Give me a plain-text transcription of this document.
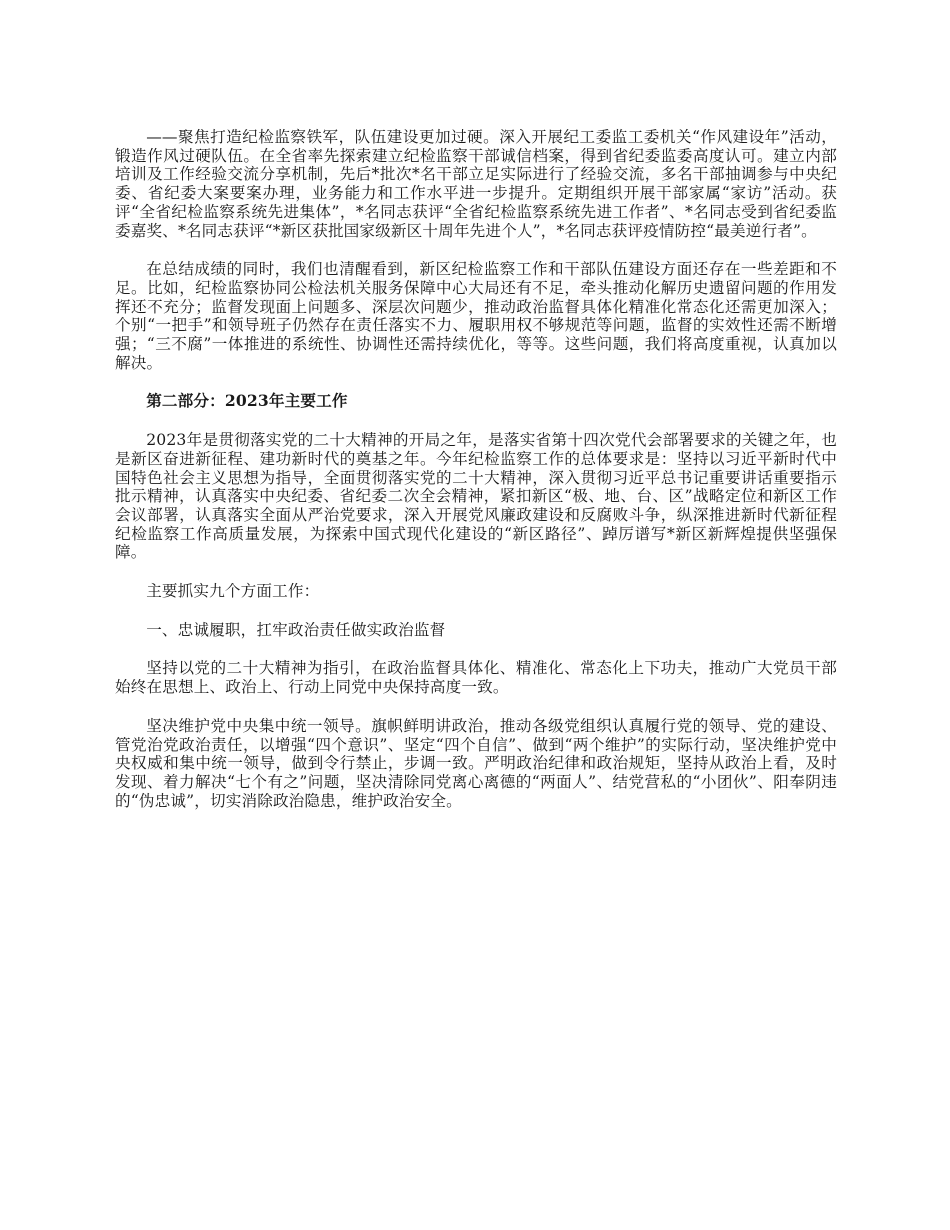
——聚焦打造纪检监察铁军，队伍建设更加过硬。深入开展纪工委监工委机关“作风建设年”活动，锻造作风过硬队伍。在全省率先探索建立纪检监察干部诚信档案，得到省纪委监委高度认可。建立内部培训及工作经验交流分享机制，先后*批次*名干部立足实际进行了经验交流，多名干部抽调参与中央纪委、省纪委大案要案办理，业务能力和工作水平进一步提升。定期组织开展干部家属“家访”活动。获评“全省纪检监察系统先进集体”，*名同志获评“全省纪检监察系统先进工作者”、*名同志受到省纪委监委嘉奖、*名同志获评“*新区获批国家级新区十周年先进个人”，*名同志获评疫情防控“最美逆行者”。

在总结成绩的同时，我们也清醒看到，新区纪检监察工作和干部队伍建设方面还存在一些差距和不足。比如，纪检监察协同公检法机关服务保障中心大局还有不足，牵头推动化解历史遗留问题的作用发挥还不充分；监督发现面上问题多、深层次问题少，推动政治监督具体化精准化常态化还需更加深入；个别“一把手”和领导班子仍然存在责任落实不力、履职用权不够规范等问题，监督的实效性还需不断增强；“三不腐”一体推进的系统性、协调性还需持续优化，等等。这些问题，我们将高度重视，认真加以解决。

第二部分：2023年主要工作

2023年是贯彻落实党的二十大精神的开局之年，是落实省第十四次党代会部署要求的关键之年，也是新区奋进新征程、建功新时代的奠基之年。今年纪检监察工作的总体要求是：坚持以习近平新时代中国特色社会主义思想为指导，全面贯彻落实党的二十大精神，深入贯彻习近平总书记重要讲话重要指示批示精神，认真落实中央纪委、省纪委二次全会精神，紧扣新区“极、地、台、区”战略定位和新区工作会议部署，认真落实全面从严治党要求，深入开展党风廉政建设和反腐败斗争，纵深推进新时代新征程纪检监察工作高质量发展，为探索中国式现代化建设的“新区路径”、踔厉谱写*新区新辉煌提供坚强保障。

主要抓实九个方面工作：

一、忠诚履职，扛牢政治责任做实政治监督

坚持以党的二十大精神为指引，在政治监督具体化、精准化、常态化上下功夫，推动广大党员干部始终在思想上、政治上、行动上同党中央保持高度一致。

坚决维护党中央集中统一领导。旗帜鲜明讲政治，推动各级党组织认真履行党的领导、党的建设、管党治党政治责任，以增强“四个意识”、坚定“四个自信”、做到“两个维护”的实际行动，坚决维护党中央权威和集中统一领导，做到令行禁止，步调一致。严明政治纪律和政治规矩，坚持从政治上看，及时发现、着力解决“七个有之”问题，坚决清除同党离心离德的“两面人”、结党营私的“小团伙”、阳奉阴违的“伪忠诚”，切实消除政治隐患，维护政治安全。
